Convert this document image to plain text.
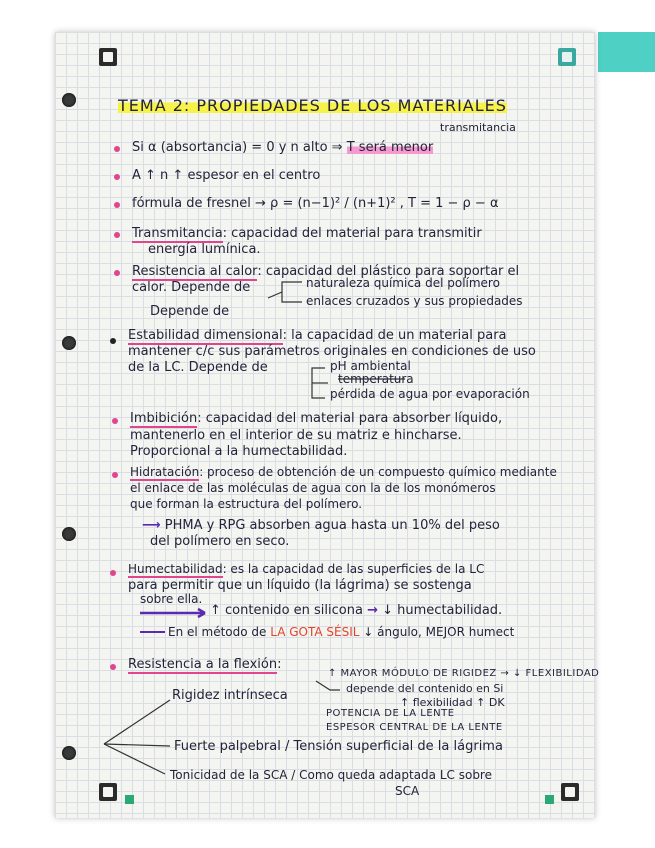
TEMA 2: PROPIEDADES DE LOS MATERIALES
transmitancia
Si α (absortancia) = 0 y n alto ⇒ T será menor
A ↑ n ↑ espesor en el centro
fórmula de fresnel → ρ = (n−1)² / (n+1)² , T = 1 − ρ − α
Transmitancia: capacidad del material para transmitir
energía lumínica.
Resistencia al calor: capacidad del plástico para soportar el
calor. Depende de	naturaleza química del polímero
enlaces cruzados y sus propiedades
Depende de
Estabilidad dimensional: la capacidad de un material para
mantener c/c sus parámetros originales en condiciones de uso
de la LC. Depende de	pH ambiental
temperatura
pérdida de agua por evaporación
Imbibición: capacidad del material para absorber líquido,
mantenerlo en el interior de su matriz e hincharse.
Proporcional a la humectabilidad.
Hidratación: proceso de obtención de un compuesto químico mediante
el enlace de las moléculas de agua con la de los monómeros
que forman la estructura del polímero.
⟶ PHMA y RPG absorben agua hasta un 10% del peso
del polímero en seco.
Humectabilidad: es la capacidad de las superficies de la LC
para permitir que un líquido (la lágrima) se sostenga
sobre ella.
↑ contenido en silicona → ↓ humectabilidad.
En el método de LA GOTA SÉSIL ↓ ángulo, MEJOR humect
Resistencia a la flexión:
↑ MAYOR MÓDULO DE RIGIDEZ → ↓ FLEXIBILIDAD
depende del contenido en Si
↑ flexibilidad ↑ DK
Rigidez intrínseca
POTENCIA DE LA LENTE
ESPESOR CENTRAL DE LA LENTE
Fuerte palpebral / Tensión superficial de la lágrima
Tonicidad de la SCA / Como queda adaptada LC sobre
SCA
